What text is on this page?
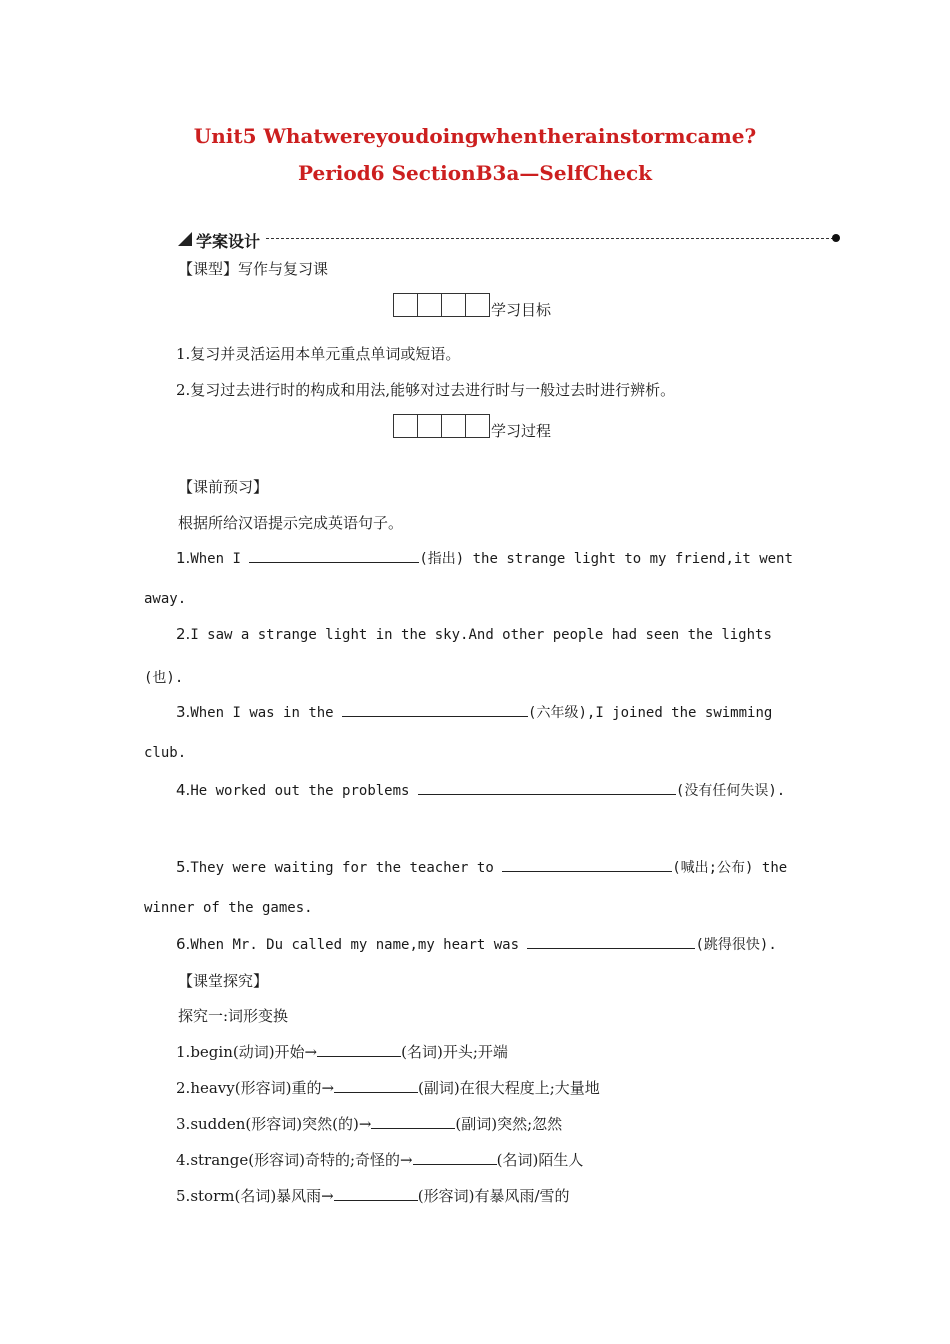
Unit5 Whatwereyoudoingwhentherainstormcame?
Period6 SectionB3a—SelfCheck
学案设计
【课型】写作与复习课
学习目标
1.复习并灵活运用本单元重点单词或短语。
2.复习过去进行时的构成和用法,能够对过去进行时与一般过去时进行辨析。
学习过程
【课前预习】
根据所给汉语提示完成英语句子。
1.When I	(指出) the strange light to my friend,it went
away.
2.I saw a strange light in the sky.And other people had seen the lights
(也).
3.When I was in the	(六年级),I joined the swimming
club.
4.He worked out the problems	(没有任何失误).
5.They were waiting for the teacher to	(喊出;公布) the
winner of the games.
6.When Mr. Du called my name,my heart was	(跳得很快).
【课堂探究】
探究一:词形变换
1.begin(动词)开始→	(名词)开头;开端
2.heavy(形容词)重的→	(副词)在很大程度上;大量地
3.sudden(形容词)突然(的)→	(副词)突然;忽然
4.strange(形容词)奇特的;奇怪的→	(名词)陌生人
5.storm(名词)暴风雨→	(形容词)有暴风雨/雪的
